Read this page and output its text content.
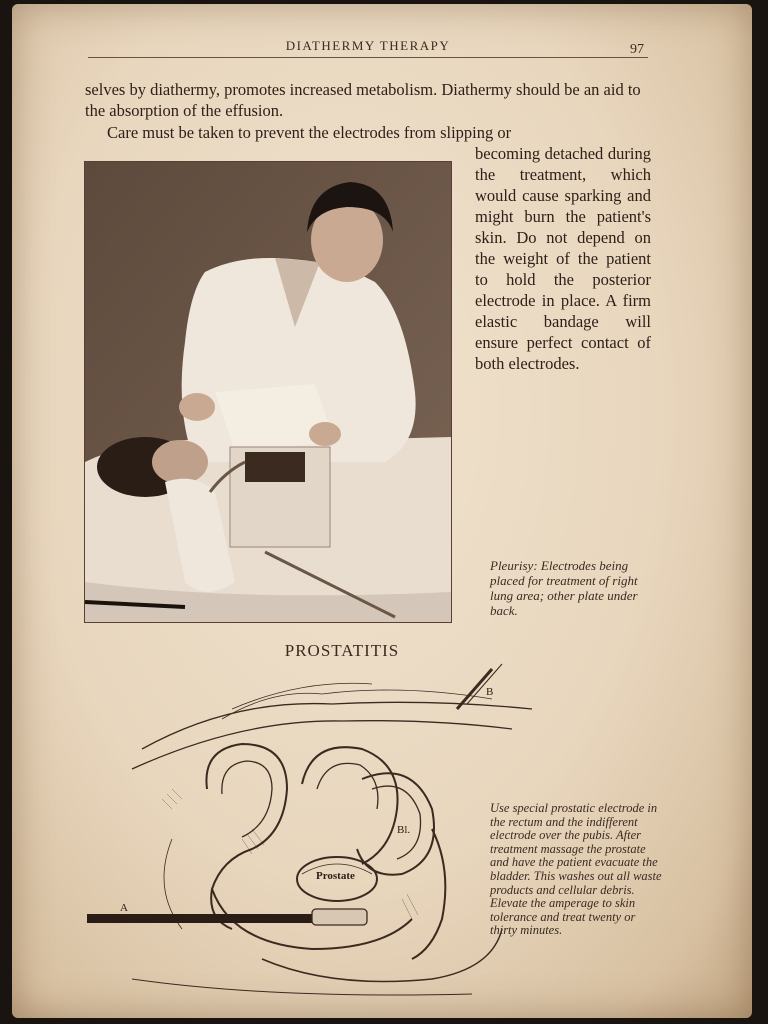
DIATHERMY THERAPY	97
selves by diathermy, promotes increased metabolism. Diathermy should be an aid to the absorption of the effusion.
Care must be taken to prevent the electrodes from slipping or
becoming detached during the treatment, which would cause sparking and might burn the patient's skin. Do not depend on the weight of the patient to hold the posterior electrode in place. A firm elastic bandage will ensure perfect contact of both electrodes.
Pleurisy: Electrodes being placed for treatment of right lung area; other plate under back.
PROSTATITIS
A
B
Bl.
Prostate
Use special prostatic electrode in the rectum and the indifferent electrode over the pubis. After treatment massage the prostate and have the patient evacuate the bladder. This washes out all waste products and cellular debris. Elevate the amperage to skin tolerance and treat twenty or thirty minutes.
